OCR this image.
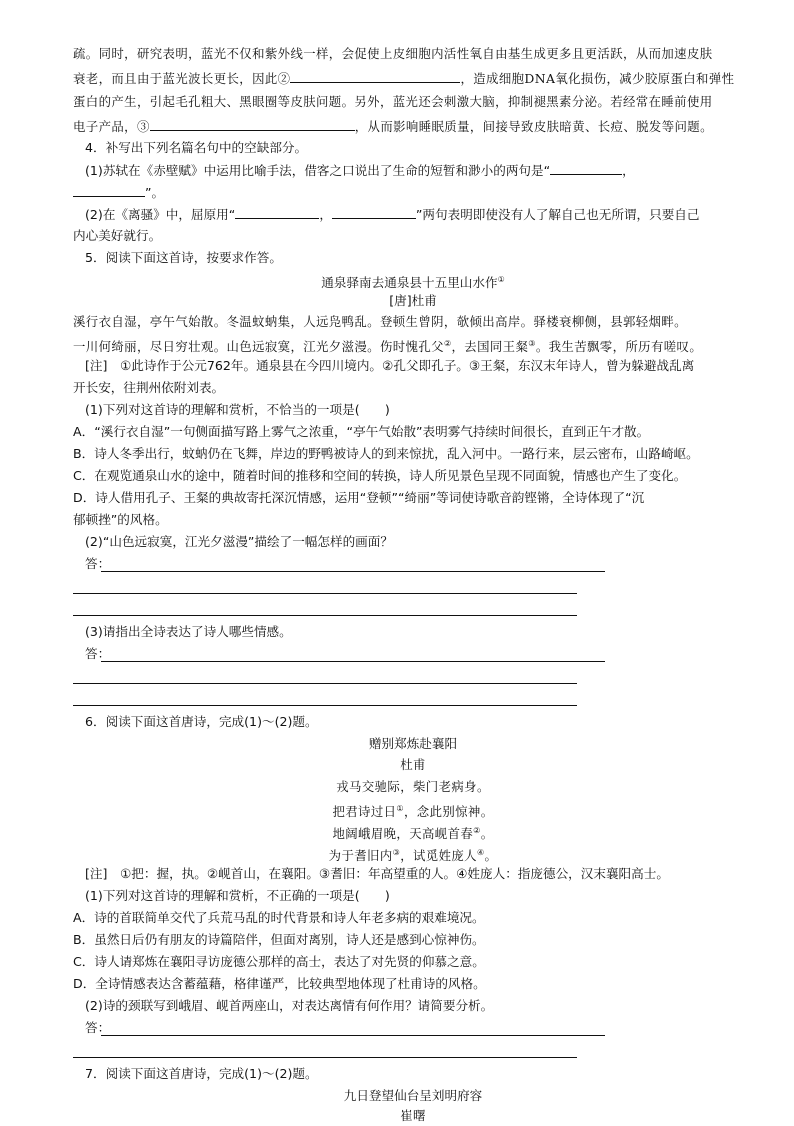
疏。同时，研究表明，蓝光不仅和紫外线一样，会促使上皮细胞内活性氧自由基生成更多且更活跃，从而加速皮肤
衰老，而且由于蓝光波长更长，因此②	，造成细胞DNA氧化损伤，减少胶原蛋白和弹性
蛋白的产生，引起毛孔粗大、黑眼圈等皮肤问题。另外，蓝光还会刺激大脑，抑制褪黑素分泌。若经常在睡前使用
电子产品，③	，从而影响睡眠质量，间接导致皮肤暗黄、长痘、脱发等问题。
4．补写出下列名篇名句中的空缺部分。
(1)苏轼在《赤壁赋》中运用比喻手法，借客之口说出了生命的短暂和渺小的两句是“	，
”。
(2)在《离骚》中，屈原用“	，	”两句表明即使没有人了解自己也无所谓，只要自己
内心美好就行。
5．阅读下面这首诗，按要求作答。
通泉驿南去通泉县十五里山水作①
[唐]杜甫
溪行衣自湿，亭午气始散。冬温蚊蚋集，人远凫鸭乱。登顿生曾阴，欹倾出高岸。驿楼衰柳侧，县郭轻烟畔。
一川何绮丽，尽日穷壮观。山色远寂寞，江光夕滋漫。伤时愧孔父②，去国同王粲③。我生苦飘零，所历有嗟叹。
[注]　①此诗作于公元762年。通泉县在今四川境内。②孔父即孔子。③王粲，东汉末年诗人，曾为躲避战乱离
开长安，往荆州依附刘表。
(1)下列对这首诗的理解和赏析，不恰当的一项是(　　)
A．“溪行衣自湿”一句侧面描写路上雾气之浓重，“亭午气始散”表明雾气持续时间很长，直到正午才散。
B．诗人冬季出行，蚊蚋仍在飞舞，岸边的野鸭被诗人的到来惊扰，乱入河中。一路行来，层云密布，山路崎岖。
C．在观览通泉山水的途中，随着时间的推移和空间的转换，诗人所见景色呈现不同面貌，情感也产生了变化。
D．诗人借用孔子、王粲的典故寄托深沉情感，运用“登顿”“绮丽”等词使诗歌音韵铿锵，全诗体现了“沉
郁顿挫”的风格。
(2)“山色远寂寞，江光夕滋漫”描绘了一幅怎样的画面？
答：
(3)请指出全诗表达了诗人哪些情感。
答：
6．阅读下面这首唐诗，完成(1)～(2)题。
赠别郑炼赴襄阳
杜甫
戎马交驰际，柴门老病身。
把君诗过日①，念此别惊神。
地阔峨眉晚，天高岘首春②。
为于耆旧内③，试觅姓庞人④。
[注]　①把：握，执。②岘首山，在襄阳。③耆旧：年高望重的人。④姓庞人：指庞德公，汉末襄阳高士。
(1)下列对这首诗的理解和赏析，不正确的一项是(　　)
A．诗的首联简单交代了兵荒马乱的时代背景和诗人年老多病的艰难境况。
B．虽然日后仍有朋友的诗篇陪伴，但面对离别，诗人还是感到心惊神伤。
C．诗人请郑炼在襄阳寻访庞德公那样的高士，表达了对先贤的仰慕之意。
D．全诗情感表达含蓄蕴藉，格律谨严，比较典型地体现了杜甫诗的风格。
(2)诗的颈联写到峨眉、岘首两座山，对表达离情有何作用？请简要分析。
答：
7．阅读下面这首唐诗，完成(1)～(2)题。
九日登望仙台呈刘明府容
崔曙
